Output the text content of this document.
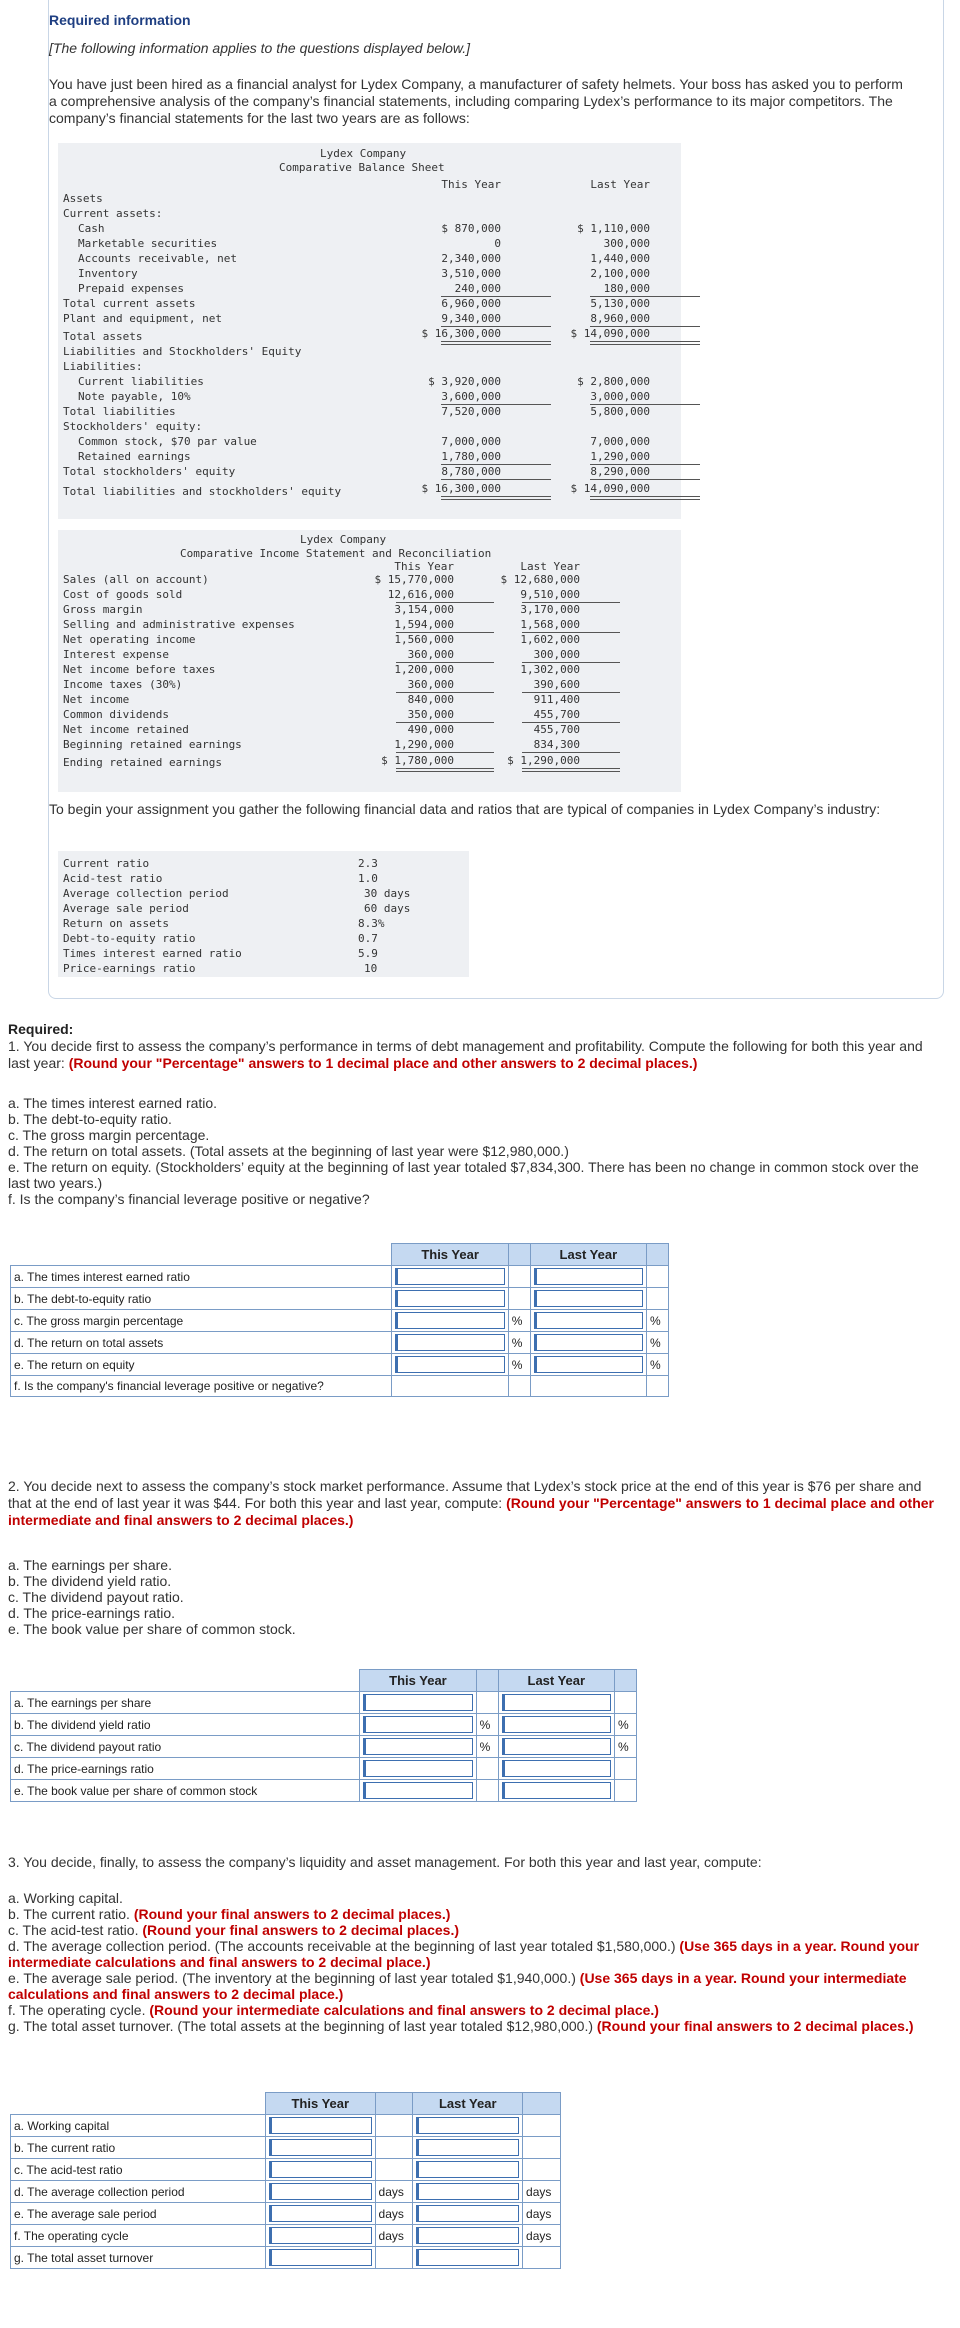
Required information
[The following information applies to the questions displayed below.]
You have just been hired as a financial analyst for Lydex Company, a manufacturer of safety helmets. Your boss has asked you to perform a comprehensive analysis of the company’s financial statements, including comparing Lydex’s performance to its major competitors. The company’s financial statements for the last two years are as follows:
Lydex Company
Comparative Balance Sheet
This Year	Last Year
Assets
Current assets:
Cash	$ 870,000	$ 1,110,000
Marketable securities	0	300,000
Accounts receivable, net	2,340,000	1,440,000
Inventory	3,510,000	2,100,000
Prepaid expenses	240,000	180,000
Total current assets	6,960,000	5,130,000
Plant and equipment, net	9,340,000	8,960,000
Total assets	$ 16,300,000	$ 14,090,000
Liabilities and Stockholders' Equity
Liabilities:
Current liabilities	$ 3,920,000	$ 2,800,000
Note payable, 10%	3,600,000	3,000,000
Total liabilities	7,520,000	5,800,000
Stockholders' equity:
Common stock, $70 par value	7,000,000	7,000,000
Retained earnings	1,780,000	1,290,000
Total stockholders' equity	8,780,000	8,290,000
Total liabilities and stockholders' equity	$ 16,300,000	$ 14,090,000
Lydex Company
Comparative Income Statement and Reconciliation
This Year	Last Year
Sales (all on account)	$ 15,770,000	$ 12,680,000
Cost of goods sold	12,616,000	9,510,000
Gross margin	3,154,000	3,170,000
Selling and administrative expenses	1,594,000	1,568,000
Net operating income	1,560,000	1,602,000
Interest expense	360,000	300,000
Net income before taxes	1,200,000	1,302,000
Income taxes (30%)	360,000	390,600
Net income	840,000	911,400
Common dividends	350,000	455,700
Net income retained	490,000	455,700
Beginning retained earnings	1,290,000	834,300
Ending retained earnings	$ 1,780,000	$ 1,290,000
To begin your assignment you gather the following financial data and ratios that are typical of companies in Lydex Company’s industry:
Current ratio	2.3
Acid-test ratio	1.0
Average collection period	30 days
Average sale period	60 days
Return on assets	8.3%
Debt-to-equity ratio	0.7
Times interest earned ratio	5.9
Price-earnings ratio	10
Required:
1. You decide first to assess the company’s performance in terms of debt management and profitability. Compute the following for both this year and last year: (Round your "Percentage" answers to 1 decimal place and other answers to 2 decimal places.)
a. The times interest earned ratio.
b. The debt-to-equity ratio.
c. The gross margin percentage.
d. The return on total assets. (Total assets at the beginning of last year were $12,980,000.)
e. The return on equity. (Stockholders’ equity at the beginning of last year totaled $7,834,300. There has been no change in common stock over the last two years.)
f. Is the company’s financial leverage positive or negative?
	This Year		Last Year	
a. The times interest earned ratio	

b. The debt-to-equity ratio	

c. The gross margin percentage		%		%
d. The return on total assets		%		%
e. The return on equity		%		%
f. Is the company's financial leverage positive or negative?				
2. You decide next to assess the company’s stock market performance. Assume that Lydex’s stock price at the end of this year is $76 per share and that at the end of last year it was $44. For both this year and last year, compute: (Round your "Percentage" answers to 1 decimal place and other intermediate and final answers to 2 decimal places.)
a. The earnings per share.
b. The dividend yield ratio.
c. The dividend payout ratio.
d. The price-earnings ratio.
e. The book value per share of common stock.
	This Year		Last Year	
a. The earnings per share	

b. The dividend yield ratio		%		%
c. The dividend payout ratio		%		%
d. The price-earnings ratio	

e. The book value per share of common stock	

3. You decide, finally, to assess the company’s liquidity and asset management. For both this year and last year, compute:
a. Working capital.
b. The current ratio. (Round your final answers to 2 decimal places.)
c. The acid-test ratio. (Round your final answers to 2 decimal places.)
d. The average collection period. (The accounts receivable at the beginning of last year totaled $1,580,000.) (Use 365 days in a year. Round your intermediate calculations and final answers to 2 decimal place.)
e. The average sale period. (The inventory at the beginning of last year totaled $1,940,000.) (Use 365 days in a year. Round your intermediate calculations and final answers to 2 decimal place.)
f. The operating cycle. (Round your intermediate calculations and final answers to 2 decimal place.)
g. The total asset turnover. (The total assets at the beginning of last year totaled $12,980,000.) (Round your final answers to 2 decimal places.)
	This Year		Last Year	
a. Working capital	

b. The current ratio	

c. The acid-test ratio	

d. The average collection period		days		days
e. The average sale period		days		days
f. The operating cycle		days		days
g. The total asset turnover	
